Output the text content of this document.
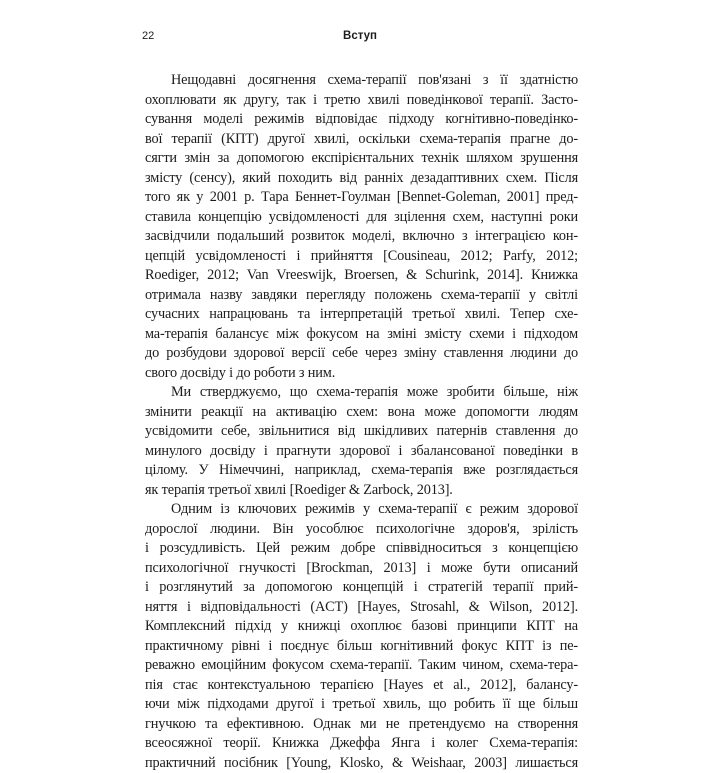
22	Вступ

Нещодавні досягнення схема-терапії пов'язані з її здатністю
охоплювати як другу, так і третю хвилі поведінкової терапії. Засто-
сування моделі режимів відповідає підходу когнітивно-поведінко-
вої терапії (КПТ) другої хвилі, оскільки схема-терапія прагне до-
сягти змін за допомогою експірієнтальних технік шляхом зрушення
змісту (сенсу), який походить від ранніх дезадаптивних схем. Після
того як у 2001 р. Тара Беннет-Гоулман [Bennet-Goleman, 2001] пред-
ставила концепцію усвідомленості для зцілення схем, наступні роки
засвідчили подальший розвиток моделі, включно з інтеграцією кон-
цепцій усвідомленості і прийняття [Cousineau, 2012; Parfy, 2012;
Roediger, 2012; Van Vreeswijk, Broersen, & Schurink, 2014]. Книжка
отримала назву завдяки перегляду положень схема-терапії у світлі
сучасних напрацювань та інтерпретацій третьої хвилі. Тепер схе-
ма-терапія балансує між фокусом на зміні змісту схеми і підходом
до розбудови здорової версії себе через зміну ставлення людини до
свого досвіду і до роботи з ним.

Ми стверджуємо, що схема-терапія може зробити більше, ніж
змінити реакції на активацію схем: вона може допомогти людям
усвідомити себе, звільнитися від шкідливих патернів ставлення до
минулого досвіду і прагнути здорової і збалансованої поведінки в
цілому. У Німеччині, наприклад, схема-терапія вже розглядається
як терапія третьої хвилі [Roediger & Zarbock, 2013].

Одним із ключових режимів у схема-терапії є режим здорової
дорослої людини. Він уособлює психологічне здоров'я, зрілість
і розсудливість. Цей режим добре співвідноситься з концепцією
психологічної гнучкості [Brockman, 2013] і може бути описаний
і розглянутий за допомогою концепцій і стратегій терапії прий-
няття і відповідальності (ACT) [Hayes, Strosahl, & Wilson, 2012].
Комплексний підхід у книжці охоплює базові принципи КПТ на
практичному рівні і поєднує більш когнітивний фокус КПТ із пе-
реважно емоційним фокусом схема-терапії. Таким чином, схема-тера-
пія стає контекстуальною терапією [Hayes et al., 2012], балансу-
ючи між підходами другої і третьої хвиль, що робить її ще більш
гнучкою та ефективною. Однак ми не претендуємо на створення
всеосяжної теорії. Книжка Джеффа Янга і колег Схема-терапія:
практичний посібник [Young, Klosko, & Weishaar, 2003] лишається
